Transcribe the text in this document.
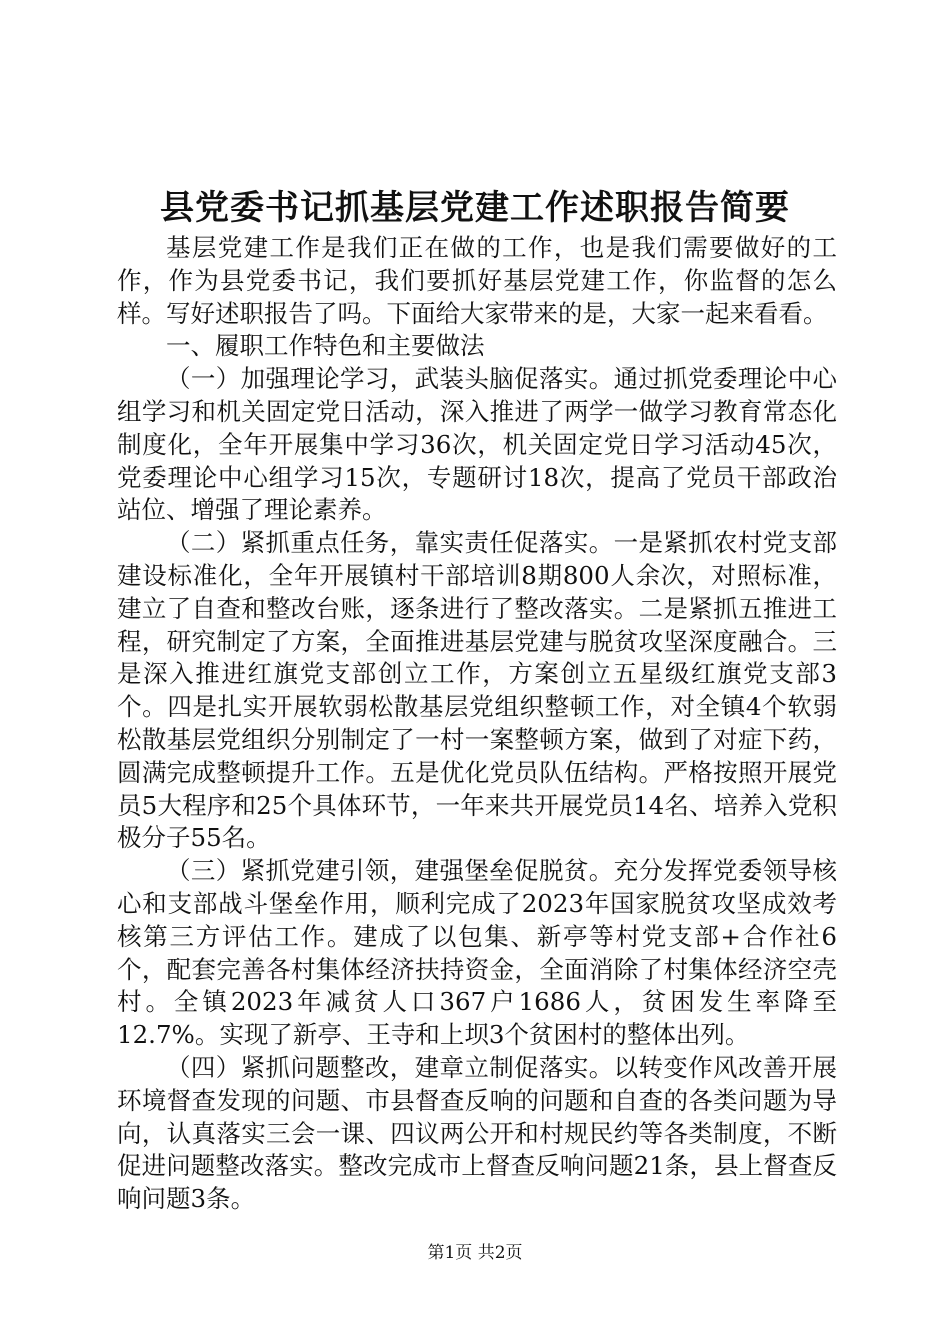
县党委书记抓基层党建工作述职报告简要

基层党建工作是我们正在做的工作，也是我们需要做好的工作，作为县党委书记，我们要抓好基层党建工作，你监督的怎么样。写好述职报告了吗。下面给大家带来的是，大家一起来看看。

一、履职工作特色和主要做法

（一）加强理论学习，武装头脑促落实。通过抓党委理论中心组学习和机关固定党日活动，深入推进了两学一做学习教育常态化制度化，全年开展集中学习36次，机关固定党日学习活动45次，党委理论中心组学习15次，专题研讨18次，提高了党员干部政治站位、增强了理论素养。

（二）紧抓重点任务，靠实责任促落实。一是紧抓农村党支部建设标准化，全年开展镇村干部培训8期800人余次，对照标准，建立了自查和整改台账，逐条进行了整改落实。二是紧抓五推进工程，研究制定了方案，全面推进基层党建与脱贫攻坚深度融合。三是深入推进红旗党支部创立工作，方案创立五星级红旗党支部3个。四是扎实开展软弱松散基层党组织整顿工作，对全镇4个软弱松散基层党组织分别制定了一村一案整顿方案，做到了对症下药，圆满完成整顿提升工作。五是优化党员队伍结构。严格按照开展党员5大程序和25个具体环节，一年来共开展党员14名、培养入党积极分子55名。

（三）紧抓党建引领，建强堡垒促脱贫。充分发挥党委领导核心和支部战斗堡垒作用，顺利完成了2023年国家脱贫攻坚成效考核第三方评估工作。建成了以包集、新亭等村党支部+合作社6个，配套完善各村集体经济扶持资金，全面消除了村集体经济空壳村。全镇2023年减贫人口367户1686人，贫困发生率降至12.7%。实现了新亭、王寺和上坝3个贫困村的整体出列。

（四）紧抓问题整改，建章立制促落实。以转变作风改善开展环境督查发现的问题、市县督查反响的问题和自查的各类问题为导向，认真落实三会一课、四议两公开和村规民约等各类制度，不断促进问题整改落实。整改完成市上督查反响问题21条，县上督查反响问题3条。

第1页 共2页
